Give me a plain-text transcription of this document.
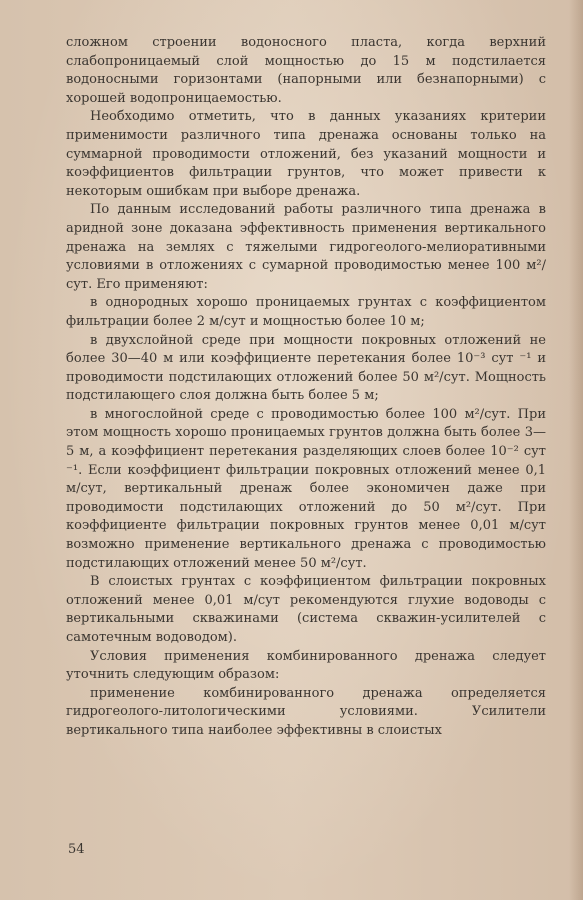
сложном строении водоносного пласта, когда верхний слабопроницаемый слой мощностью до 15 м подстилается водоносными горизонтами (напорными или безнапорными) с хорошей водопроницаемостью.

Необходимо отметить, что в данных указаниях критерии применимости различного типа дренажа основаны только на суммарной проводимости отложений, без указаний мощности и коэффициентов фильтрации грунтов, что может привести к некоторым ошибкам при выборе дренажа.

По данным исследований работы различного типа дренажа в аридной зоне доказана эффективность применения вертикального дренажа на землях с тяжелыми гидрогеолого-мелиоративными условиями в отложениях с сумарной проводимостью менее 100 м²/сут. Его применяют:

в однородных хорошо проницаемых грунтах с коэффициентом фильтрации более 2 м/сут и мощностью более 10 м;

в двухслойной среде при мощности покровных отложений не более 30—40 м или коэффициенте перетекания более 10⁻³ сут ⁻¹ и проводимости подстилающих отложений более 50 м²/сут. Мощность подстилающего слоя должна быть более 5 м;

в многослойной среде с проводимостью более 100 м²/сут. При этом мощность хорошо проницаемых грунтов должна быть более 3—5 м, а коэффициент перетекания разделяющих слоев более 10⁻² сут ⁻¹. Если коэффициент фильтрации покровных отложений менее 0,1 м/сут, вертикальный дренаж более экономичен даже при проводимости подстилающих отложений до 50 м²/сут. При коэффициенте фильтрации покровных грунтов менее 0,01 м/сут возможно применение вертикального дренажа с проводимостью подстилающих отложений менее 50 м²/сут.

В слоистых грунтах с коэффициентом фильтрации покровных отложений менее 0,01 м/сут рекомендуются глухие водоводы с вертикальными скважинами (система скважин-усилителей с самотечным водоводом).

Условия применения комбинированного дренажа следует уточнить следующим образом:

применение комбинированного дренажа определяется гидрогеолого-литологическими условиями. Усилители вертикального типа наиболее эффективны в слоистых

54
